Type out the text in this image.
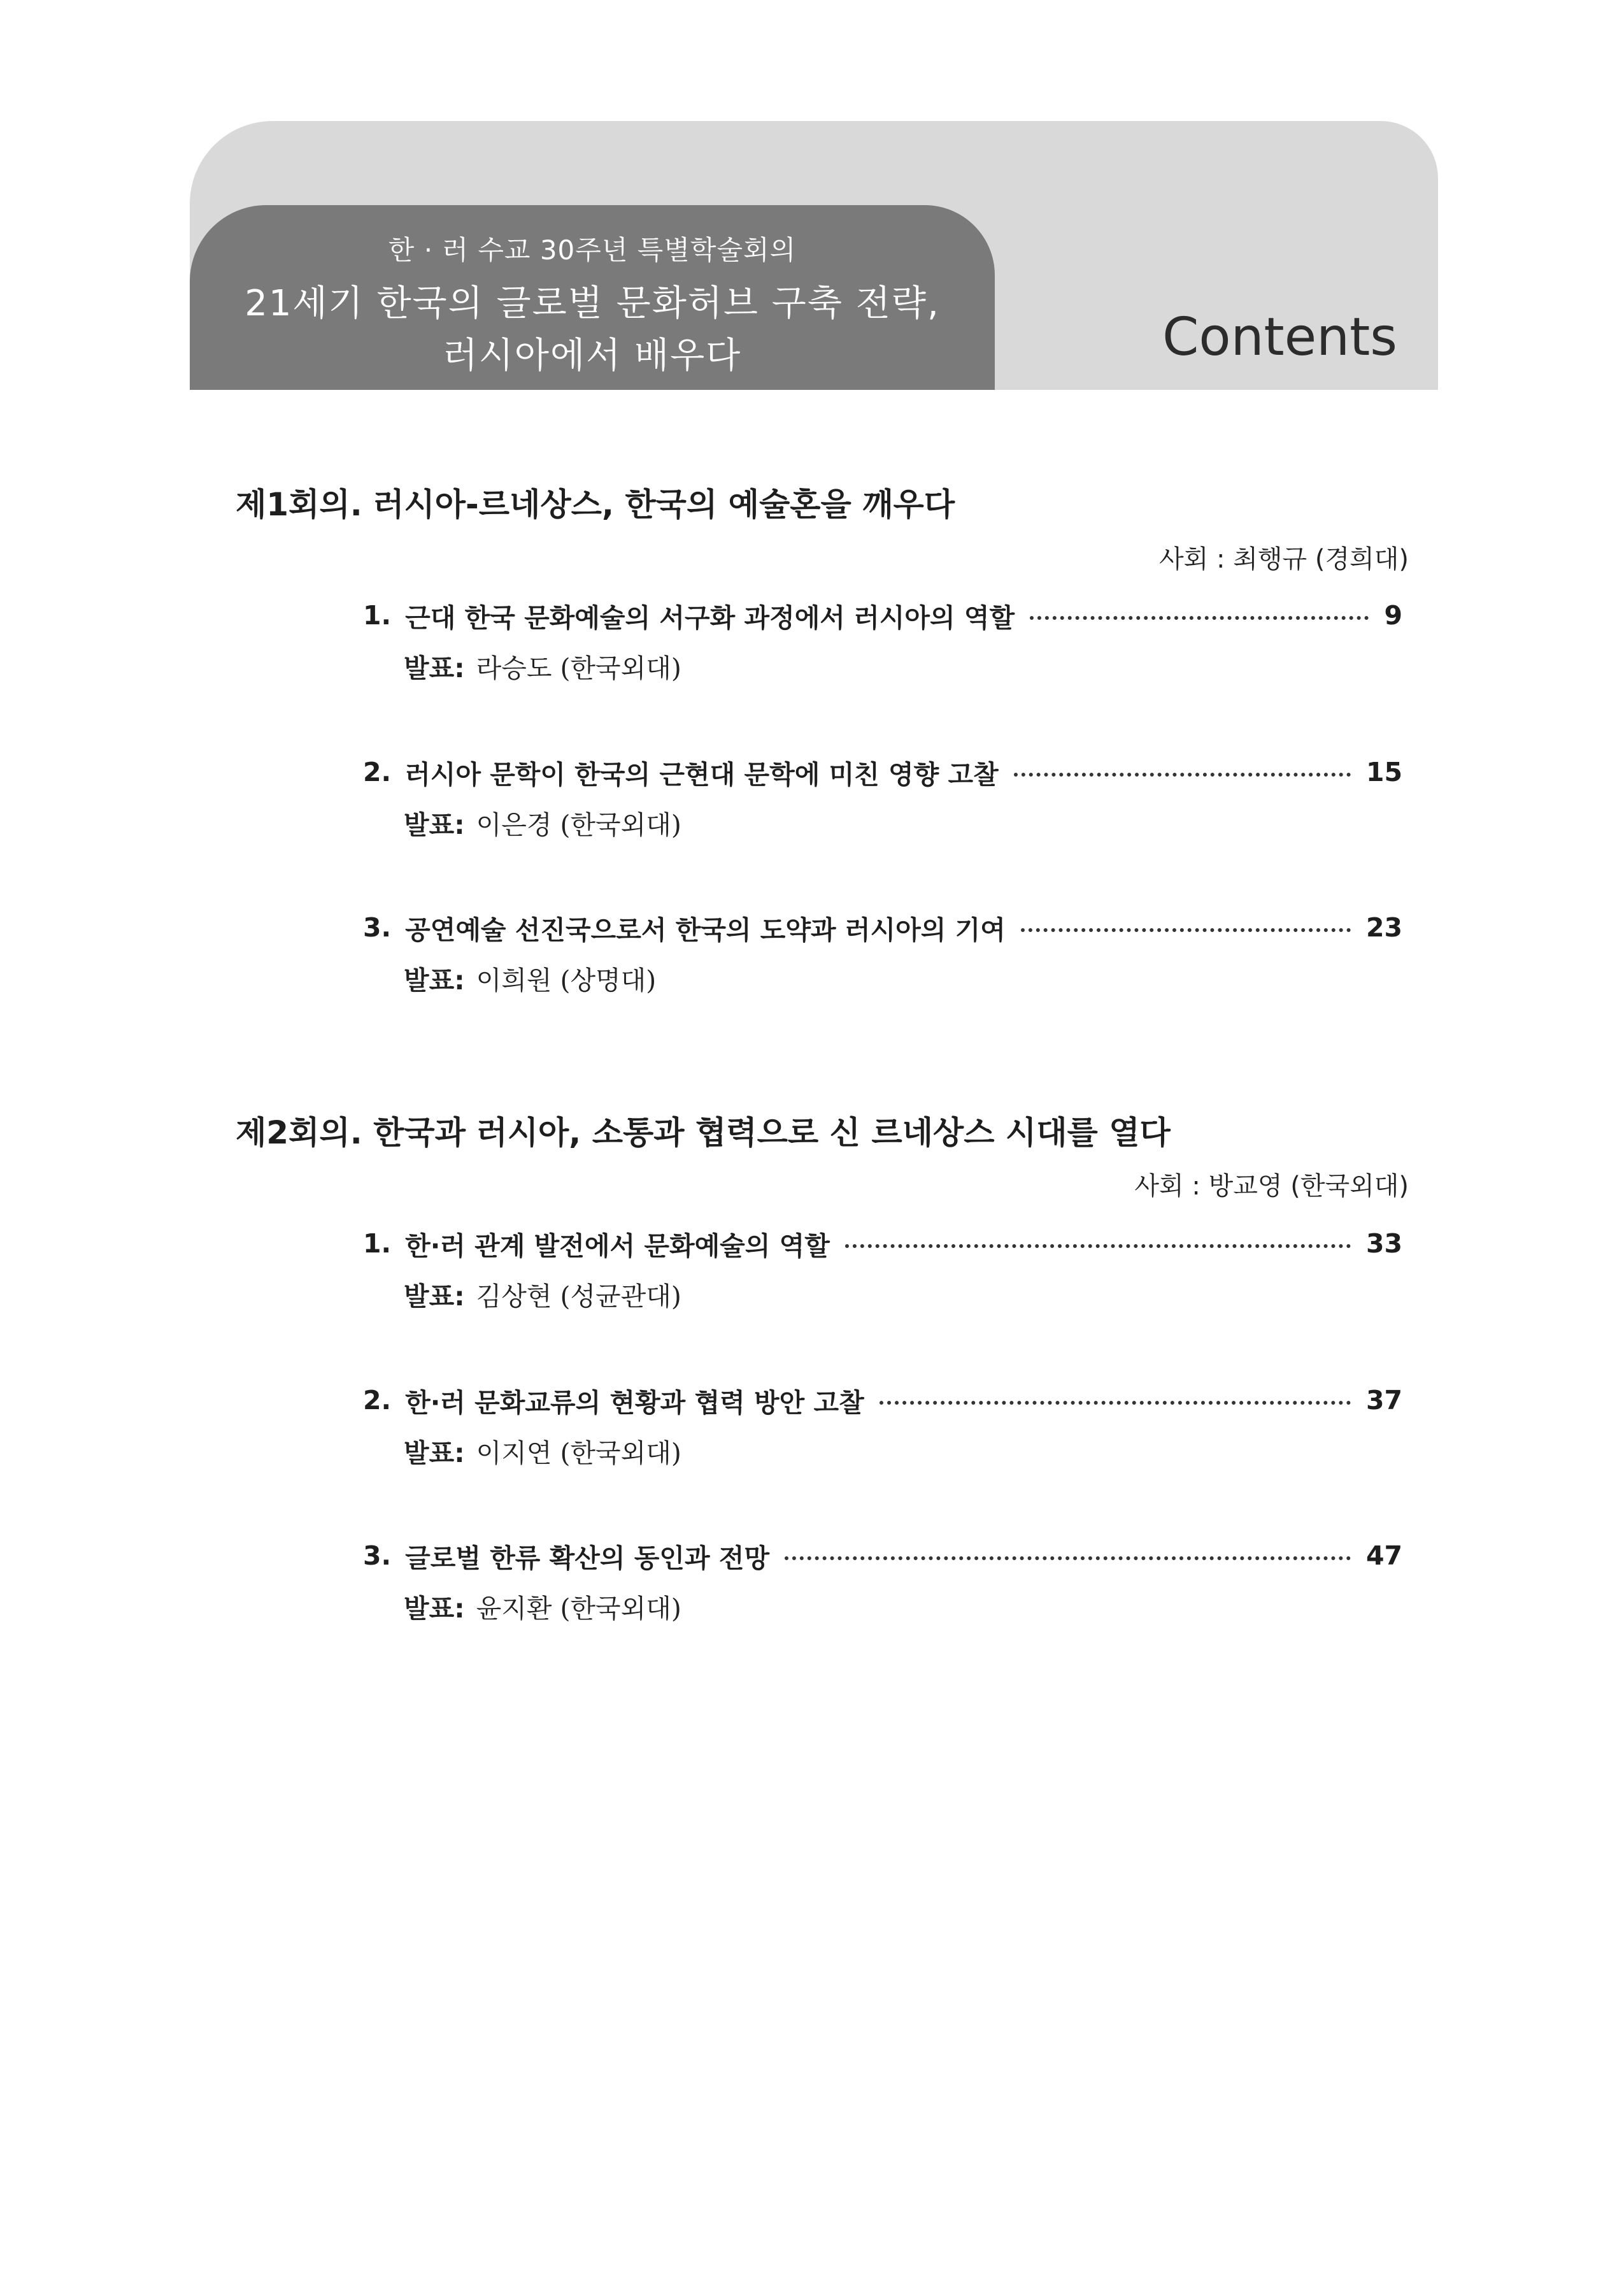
한 · 러 수교 30주년 특별학술회의
21세기 한국의 글로벌 문화허브 구축 전략,
러시아에서 배우다	Contents
제1회의. 러시아-르네상스, 한국의 예술혼을 깨우다
사회 : 최행규 (경희대)
1. 근대 한국 문화예술의 서구화 과정에서 러시아의 역할	9
발표: 라승도 (한국외대)
2. 러시아 문학이 한국의 근현대 문학에 미친 영향 고찰	15
발표: 이은경 (한국외대)
3. 공연예술 선진국으로서 한국의 도약과 러시아의 기여	23
발표: 이희원 (상명대)
제2회의. 한국과 러시아, 소통과 협력으로 신 르네상스 시대를 열다
사회 : 방교영 (한국외대)
1. 한·러 관계 발전에서 문화예술의 역할	33
발표: 김상현 (성균관대)
2. 한·러 문화교류의 현황과 협력 방안 고찰	37
발표: 이지연 (한국외대)
3. 글로벌 한류 확산의 동인과 전망	47
발표: 윤지환 (한국외대)
